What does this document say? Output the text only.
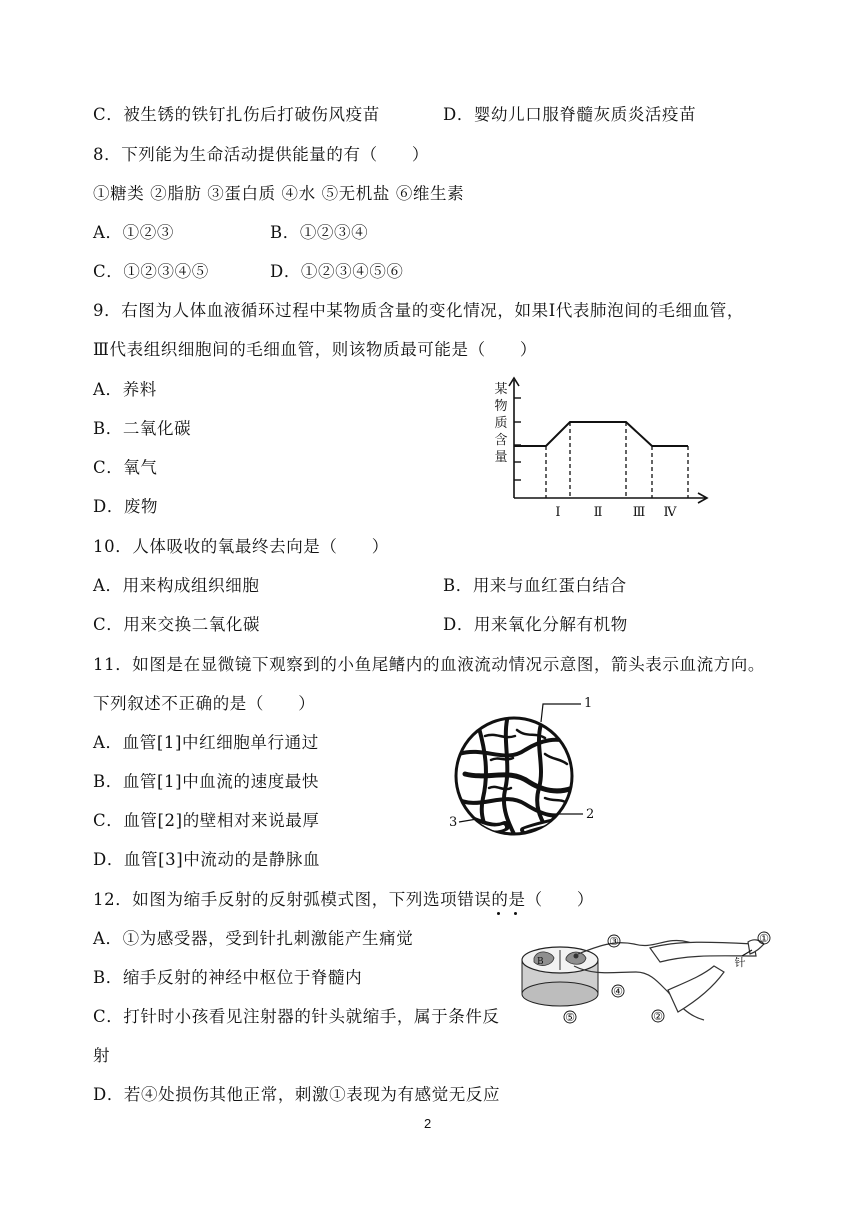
C．被生锈的铁钉扎伤后打破伤风疫苗	D．婴幼儿口服脊髓灰质炎活疫苗
8．下列能为生命活动提供能量的有（　　）
①糖类 ②脂肪 ③蛋白质 ④水 ⑤无机盐 ⑥维生素
A．①②③	B．①②③④
C．①②③④⑤	D．①②③④⑤⑥
9．右图为人体血液循环过程中某物质含量的变化情况，如果Ⅰ代表肺泡间的毛细血管，
Ⅲ代表组织细胞间的毛细血管，则该物质最可能是（　　）
A．养料
B．二氧化碳
C．氧气
D．废物
某
物
质
含
量
Ⅰ	Ⅱ Ⅲ Ⅳ
10．人体吸收的氧最终去向是（　　）
A．用来构成组织细胞	B．用来与血红蛋白结合
C．用来交换二氧化碳	D．用来氧化分解有机物
11．如图是在显微镜下观察到的小鱼尾鳍内的血液流动情况示意图，箭头表示血流方向。
下列叙述不正确的是（　　）
A．血管[1]中红细胞单行通过
B．血管[1]中血流的速度最快
C．血管[2]的壁相对来说最厚
D．血管[3]中流动的是静脉血
1
2
3
12．如图为缩手反射的反射弧模式图，下列选项错误的是（　　）
A．①为感受器，受到针扎刺激能产生痛觉
B．缩手反射的神经中枢位于脊髓内
C．打针时小孩看见注射器的针头就缩手，属于条件反
射
D．若④处损伤其他正常，刺激①表现为有感觉无反应
B
③	①
②
④
⑤
针
2
